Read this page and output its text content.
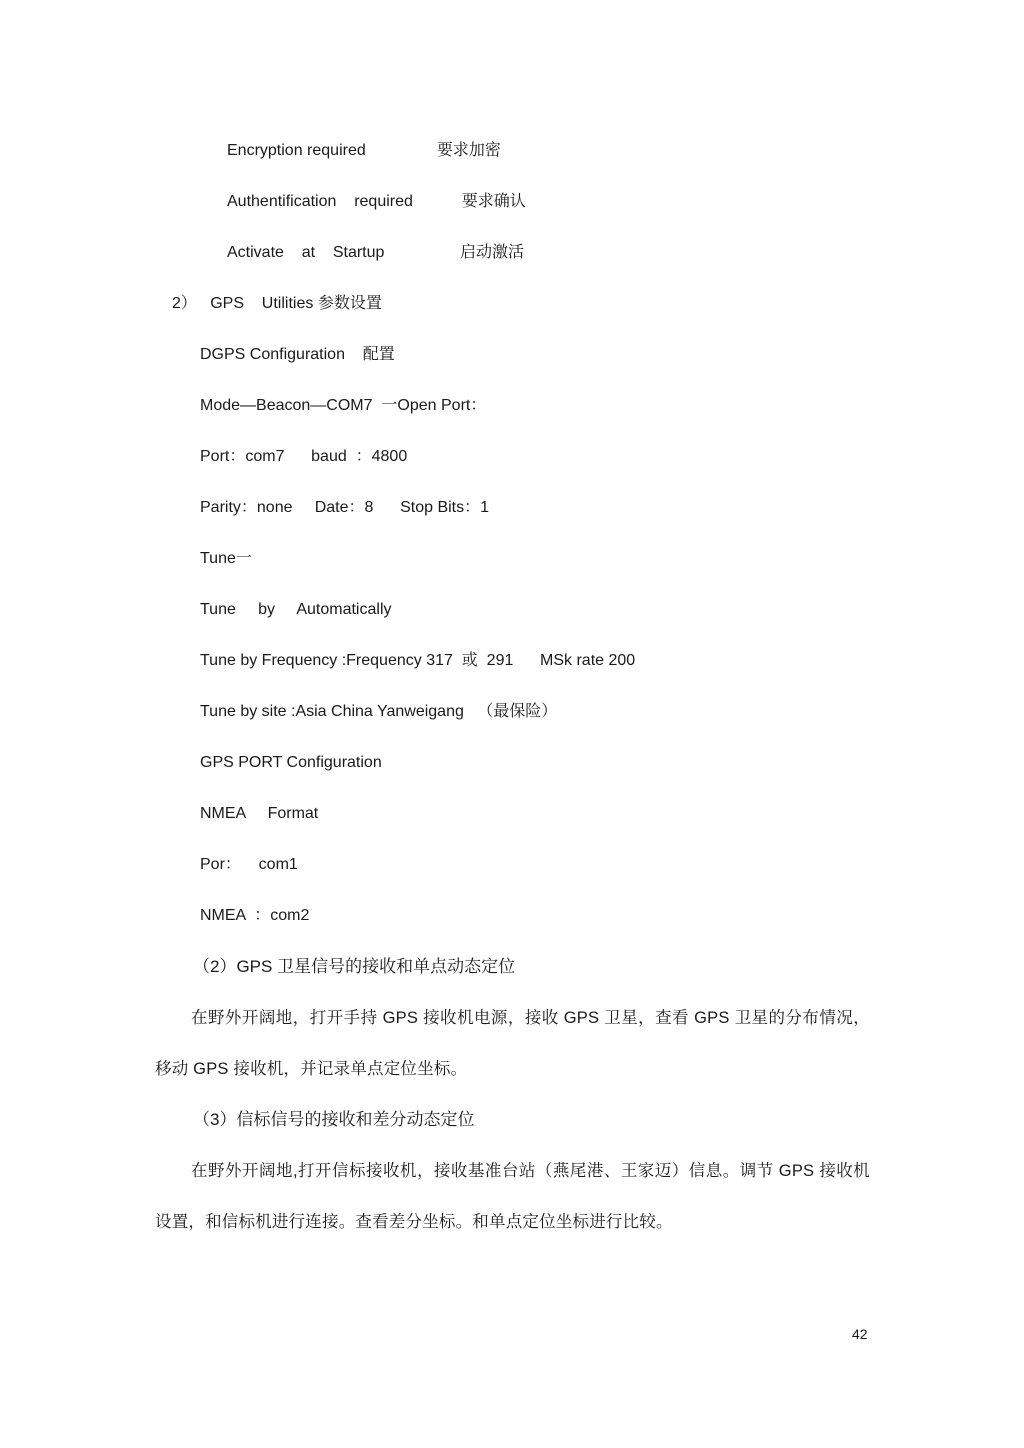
Encryption required                要求加密

Authentification    required           要求确认

Activate    at    Startup                 启动激活

2）   GPS    Utilities 参数设置

DGPS Configuration    配置

Mode—Beacon—COM7  一Open Port：

Port：com7      baud  ：4800

Parity：none     Date：8      Stop Bits：1

Tune一

Tune     by     Automatically

Tune by Frequency :Frequency 317  或  291      MSk rate 200

Tune by site :Asia China Yanweigang   （最保险）

GPS PORT Configuration

NMEA     Format

Por：    com1

NMEA  ：com2

（2）GPS 卫星信号的接收和单点动态定位

在野外开阔地，打开手持 GPS 接收机电源，接收 GPS 卫星，查看 GPS 卫星的分布情况，移动 GPS 接收机，并记录单点定位坐标。

（3）信标信号的接收和差分动态定位

在野外开阔地,打开信标接收机，接收基准台站（燕尾港、王家迈）信息。调节 GPS 接收机设置，和信标机进行连接。查看差分坐标。和单点定位坐标进行比较。

42
